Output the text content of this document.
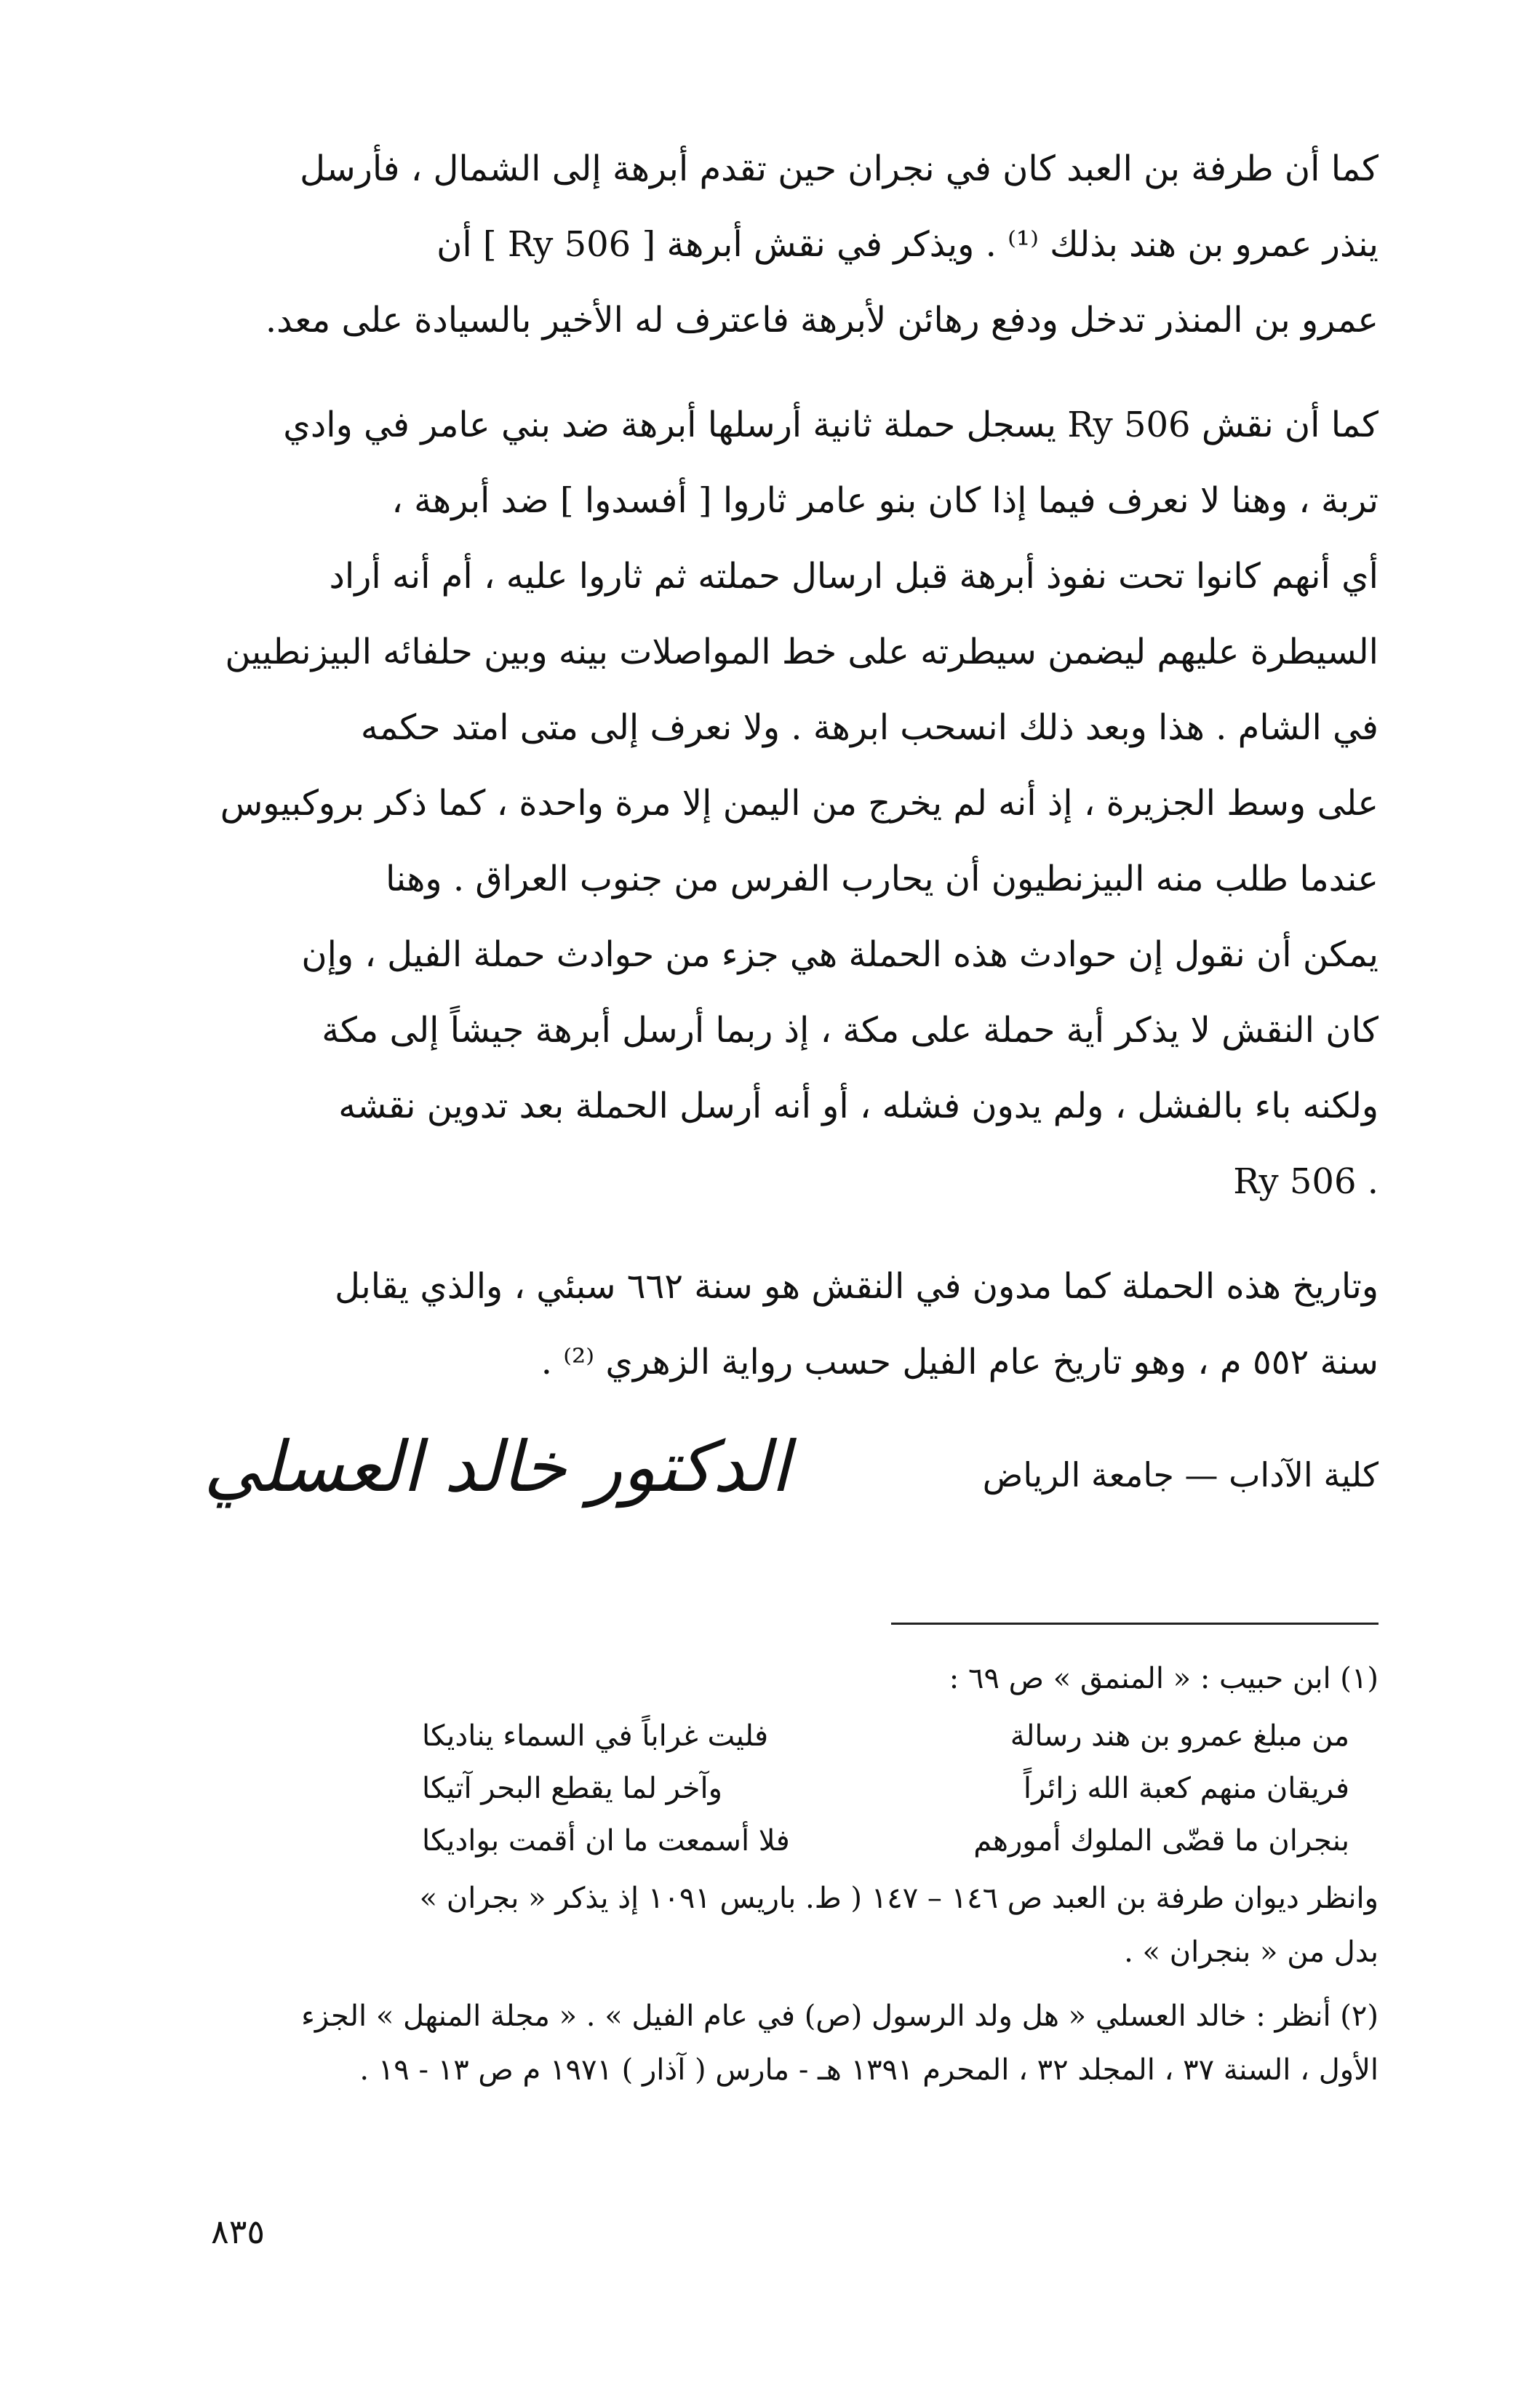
كما أن طرفة بن العبد كان في نجران حين تقدم أبرهة إلى الشمال ، فأرسل
ينذر عمرو بن هند بذلك ⁽¹⁾ . ويذكر في نقش أبرهة [ Ry 506 ] أن
عمرو بن المنذر تدخل ودفع رهائن لأبرهة فاعترف له الأخير بالسيادة على معد.
كما أن نقش Ry 506 يسجل حملة ثانية أرسلها أبرهة ضد بني عامر في وادي
تربة ، وهنا لا نعرف فيما إذا كان بنو عامر ثاروا [ أفسدوا ] ضد أبرهة ،
أي أنهم كانوا تحت نفوذ أبرهة قبل ارسال حملته ثم ثاروا عليه ، أم أنه أراد
السيطرة عليهم ليضمن سيطرته على خط المواصلات بينه وبين حلفائه البيزنطيين
في الشام . هذا وبعد ذلك انسحب ابرهة . ولا نعرف إلى متى امتد حكمه
على وسط الجزيرة ، إذ أنه لم يخرج من اليمن إلا مرة واحدة ، كما ذكر بروكبيوس
عندما طلب منه البيزنطيون أن يحارب الفرس من جنوب العراق . وهنا
يمكن أن نقول إن حوادث هذه الحملة هي جزء من حوادث حملة الفيل ، وإن
كان النقش لا يذكر أية حملة على مكة ، إذ ربما أرسل أبرهة جيشاً إلى مكة
ولكنه باء بالفشل ، ولم يدون فشله ، أو أنه أرسل الحملة بعد تدوين نقشه
. Ry 506
وتاريخ هذه الحملة كما مدون في النقش هو سنة ٦٦٢ سبئي ، والذي يقابل
سنة ٥٥٢ م ، وهو تاريخ عام الفيل حسب رواية الزهري ⁽²⁾ .
كلية الآداب — جامعة الرياض
الدكتور خالد العسلي
(١) ابن حبيب : « المنمق » ص ٦٩ :
من مبلغ عمرو بن هند رسالة
فليت غراباً في السماء يناديكا
فريقان منهم كعبة الله زائراً
وآخر لما يقطع البحر آتيكا
بنجران ما قضّى الملوك أمورهم
فلا أسمعت ما ان أقمت بواديكا
وانظر ديوان طرفة بن العبد ص ١٤٦ – ١٤٧ ( ط. باريس ١٠٩١ إذ يذكر « بجران »
بدل من « بنجران » .
(٢) أنظر : خالد العسلي « هل ولد الرسول (ص) في عام الفيل » . « مجلة المنهل » الجزء
الأول ، السنة ٣٧ ، المجلد ٣٢ ، المحرم ١٣٩١ هـ - مارس ( آذار ) ١٩٧١ م ص ١٣ - ١٩ .
٨٣٥
